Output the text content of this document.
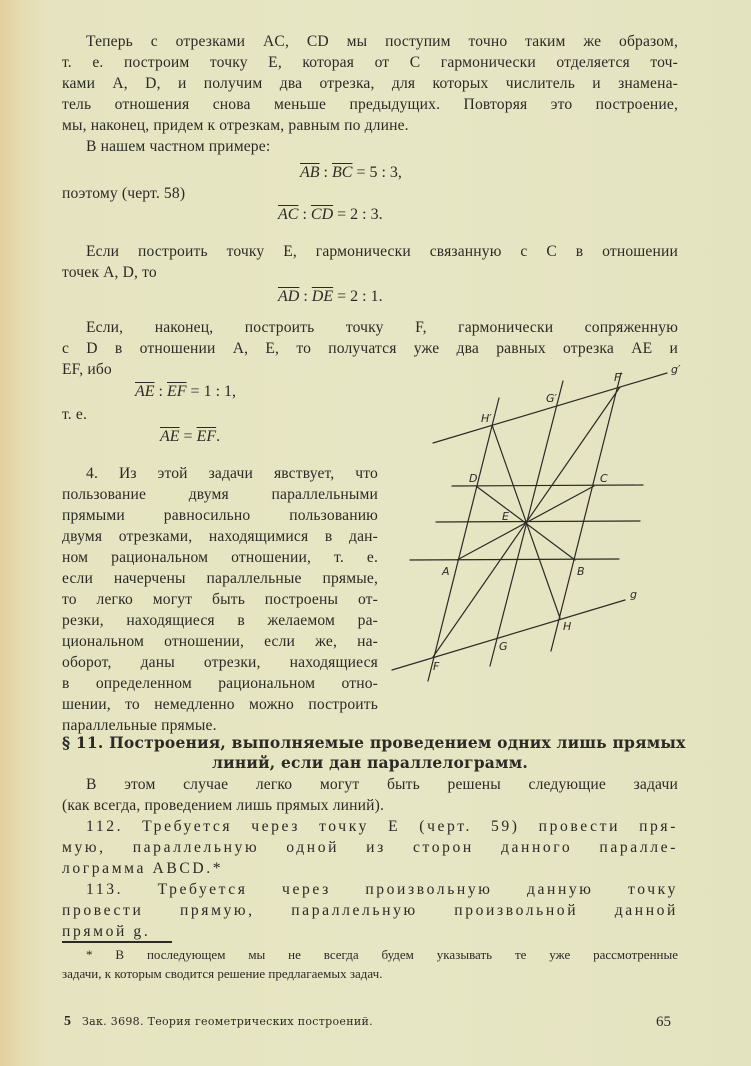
Теперь с отрезками AC, CD мы поступим точно таким же образом,
т. е. построим точку E, которая от C гармонически отделяется точ-
ками A, D, и получим два отрезка, для которых числитель и знамена-
тель отношения снова меньше предыдущих. Повторяя это построение,
мы, наконец, придем к отрезкам, равным по длине.
В нашем частном примере:
$\overline{AB}$ : $\overline{BC} = 5$ : 3,
поэтому (черт. 58)
$\overline{AC}$ : $\overline{CD} = 2$ : 3.
Если построить точку E, гармонически связанную с C в отношении
точек A, D, то
$\overline{AD}$ : $\overline{DE} = 2$ : 1.
Если, наконец, построить точку F, гармонически сопряженную
с D в отношении A, E, то получатся уже два равных отрезка AE и
EF, ибо
$\overline{AE}$ : $\overline{EF} = 1$ : 1,
т. е.
$\overline{AE} = \overline{EF}$.
4. Из этой задачи явствует, что
пользование двумя параллельными
прямыми равносильно пользованию
двумя отрезками, находящимися в дан-
ном рациональном отношении, т. е.
если начерчены параллельные прямые,
то легко могут быть построены от-
резки, находящиеся в желаемом ра-
циональном отношении, если же, на-
оборот, даны отрезки, находящиеся
в определенном рациональном отно-
шении, то немедленно можно построить
параллельные прямые.
g′
F′
G′
H′
D	C
E
A	B
g
H
G
F
§ 11. Построения, выполняемые проведением одних лишь прямых
линий, если дан параллелограмм.
В этом случае легко могут быть решены следующие задачи
(как всегда, проведением лишь прямых линий).
112. Требуется через точку E (черт. 59) провести пря-
мую, параллельную одной из сторон данного паралле-
лограмма ABCD.*
113. Требуется через произвольную данную точку
провести прямую, параллельную произвольной данной
прямой g.
* В последующем мы не всегда будем указывать те уже рассмотренные
задачи, к которым сводится решение предлагаемых задач.
5 Зак. 3698. Теория геометрических построений.	65
